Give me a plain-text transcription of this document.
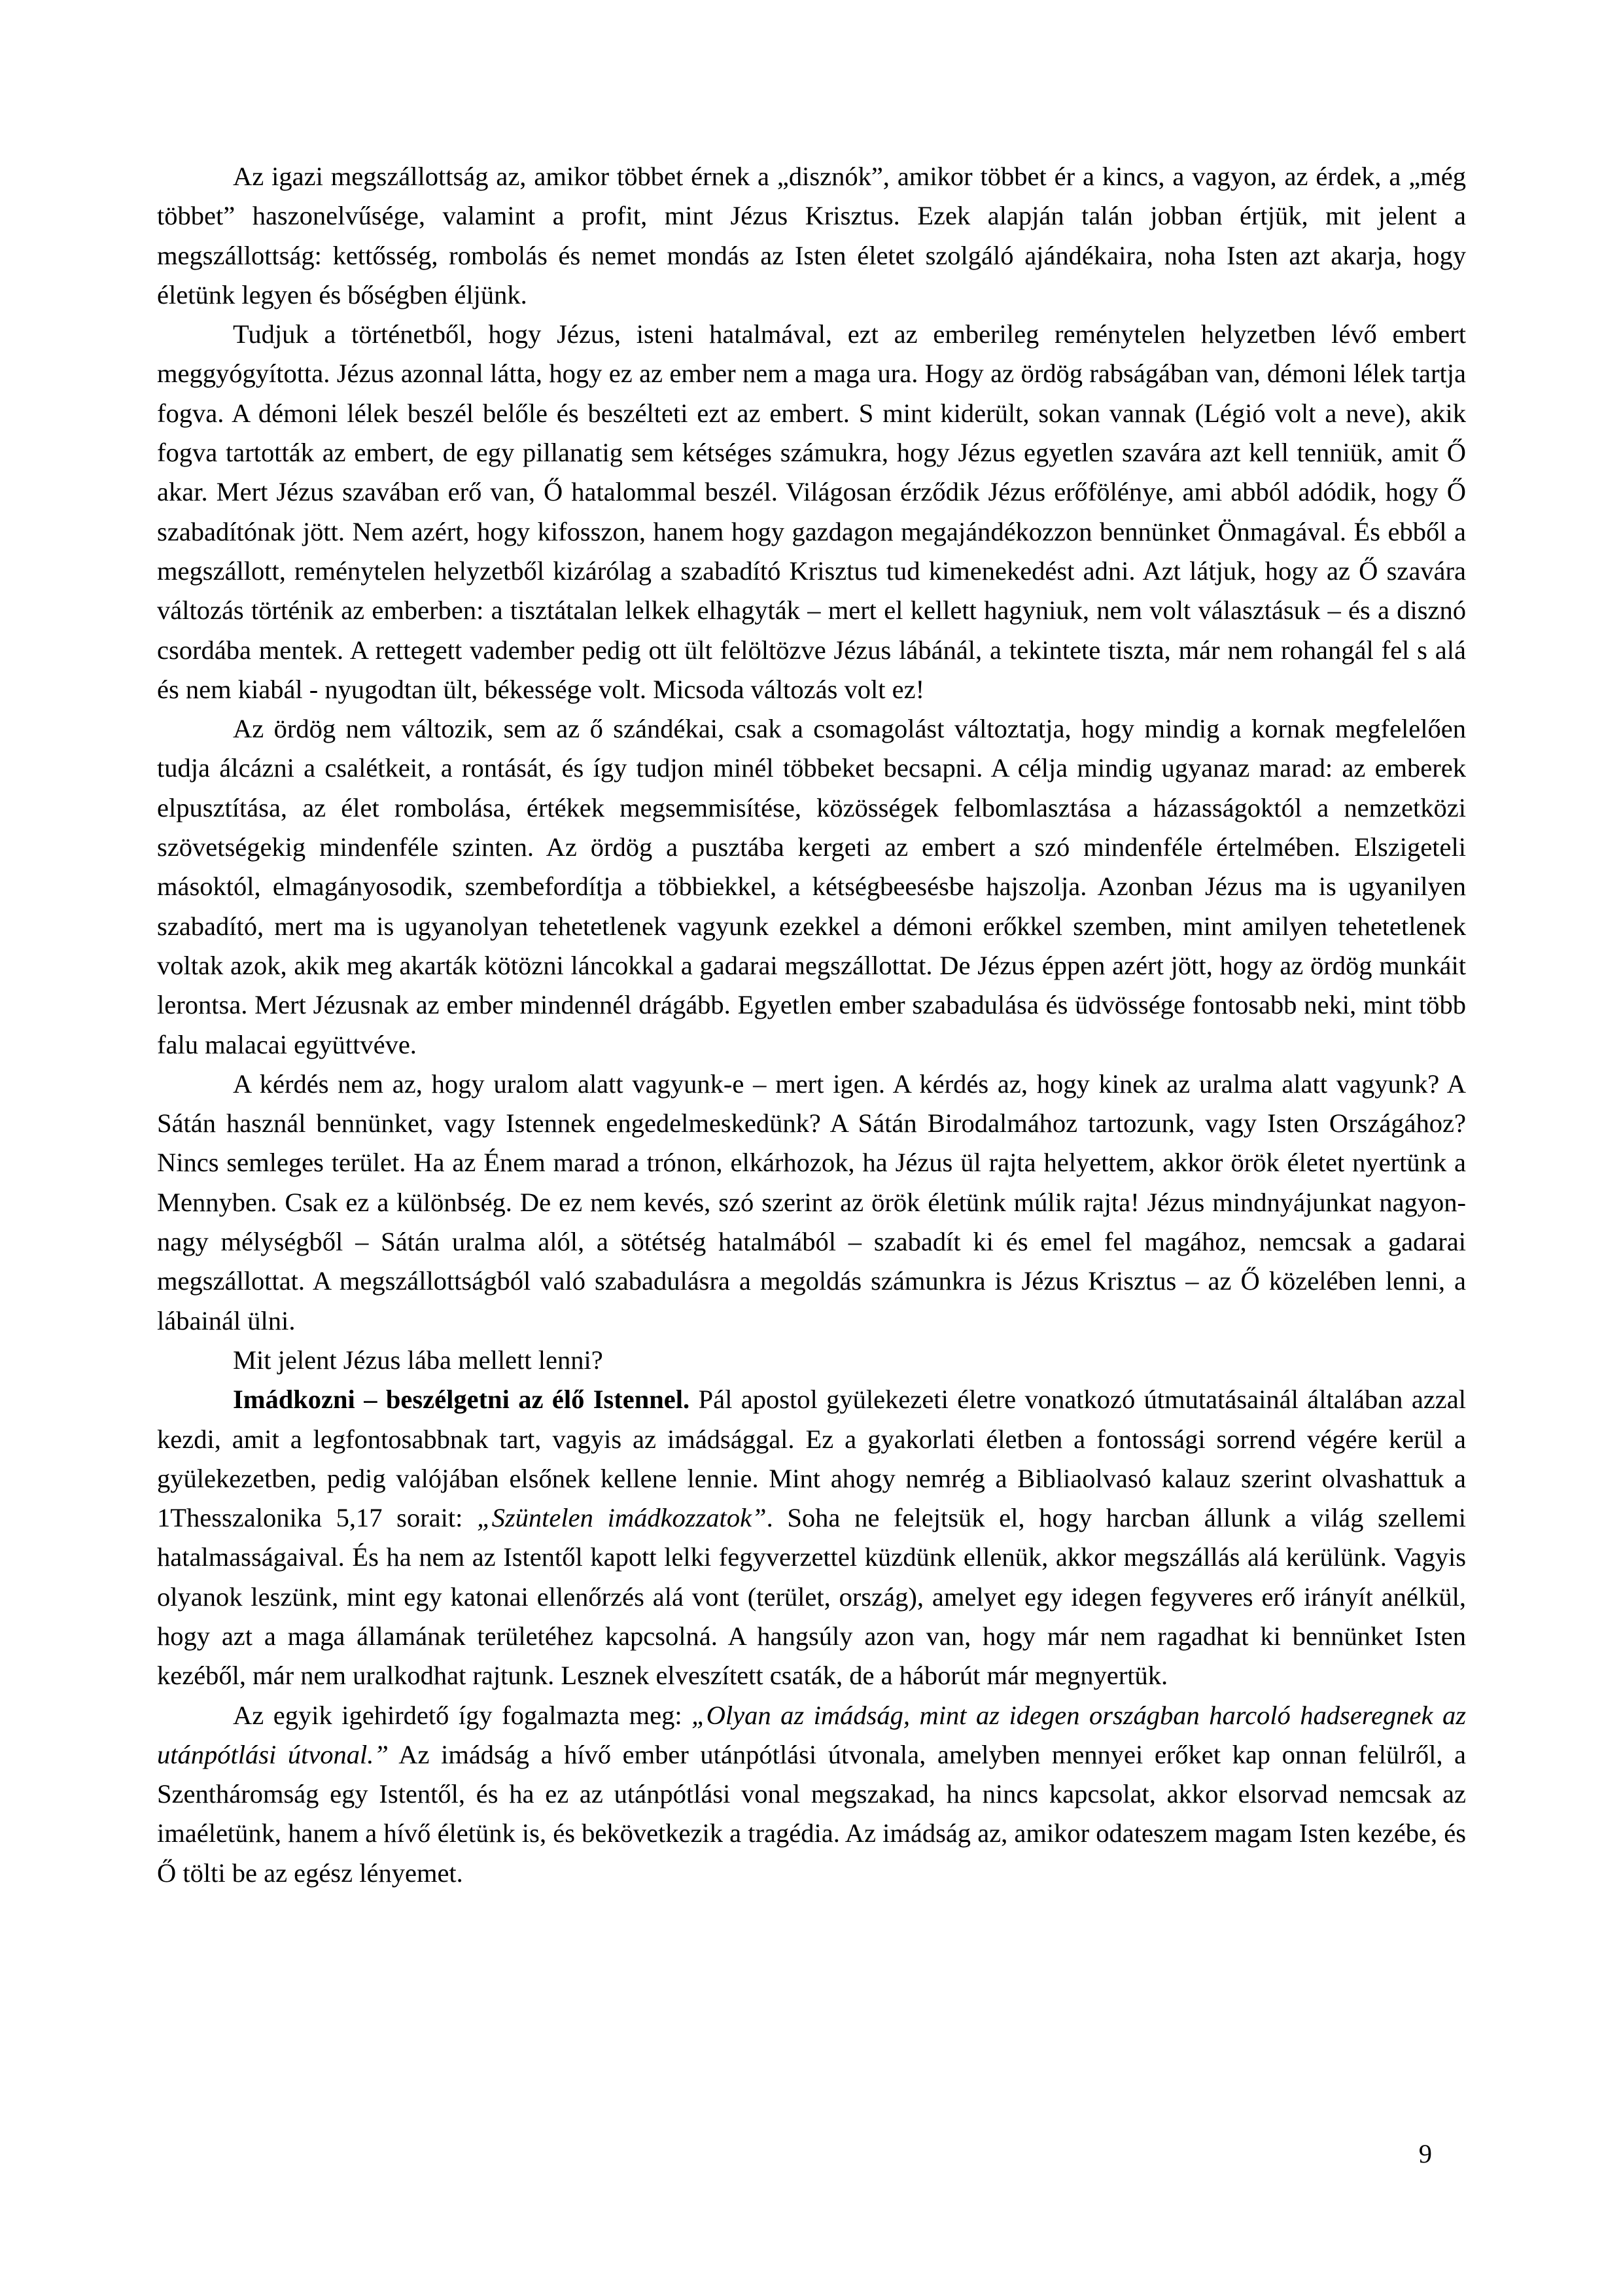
Az igazi megszállottság az, amikor többet érnek a „disznók”, amikor többet ér a kincs, a vagyon, az érdek, a „még többet” haszonelvűsége, valamint a profit, mint Jézus Krisztus. Ezek alapján talán jobban értjük, mit jelent a megszállottság: kettősség, rombolás és nemet mondás az Isten életet szolgáló ajándékaira, noha Isten azt akarja, hogy életünk legyen és bőségben éljünk.

Tudjuk a történetből, hogy Jézus, isteni hatalmával, ezt az emberileg reménytelen helyzetben lévő embert meggyógyította. Jézus azonnal látta, hogy ez az ember nem a maga ura. Hogy az ördög rabságában van, démoni lélek tartja fogva. A démoni lélek beszél belőle és beszélteti ezt az embert. S mint kiderült, sokan vannak (Légió volt a neve), akik fogva tartották az embert, de egy pillanatig sem kétséges számukra, hogy Jézus egyetlen szavára azt kell tenniük, amit Ő akar. Mert Jézus szavában erő van, Ő hatalommal beszél. Világosan érződik Jézus erőfölénye, ami abból adódik, hogy Ő szabadítónak jött. Nem azért, hogy kifosszon, hanem hogy gazdagon megajándékozzon bennünket Önmagával. És ebből a megszállott, reménytelen helyzetből kizárólag a szabadító Krisztus tud kimenekedést adni. Azt látjuk, hogy az Ő szavára változás történik az emberben: a tisztátalan lelkek elhagyták – mert el kellett hagyniuk, nem volt választásuk – és a disznó csordába mentek. A rettegett vadember pedig ott ült felöltözve Jézus lábánál, a tekintete tiszta, már nem rohangál fel s alá és nem kiabál - nyugodtan ült, békessége volt. Micsoda változás volt ez!

Az ördög nem változik, sem az ő szándékai, csak a csomagolást változtatja, hogy mindig a kornak megfelelően tudja álcázni a csalétkeit, a rontását, és így tudjon minél többeket becsapni. A célja mindig ugyanaz marad: az emberek elpusztítása, az élet rombolása, értékek megsemmisítése, közösségek felbomlasztása a házasságoktól a nemzetközi szövetségekig mindenféle szinten. Az ördög a pusztába kergeti az embert a szó mindenféle értelmében. Elszigeteli másoktól, elmagányosodik, szembefordítja a többiekkel, a kétségbeesésbe hajszolja. Azonban Jézus ma is ugyanilyen szabadító, mert ma is ugyanolyan tehetetlenek vagyunk ezekkel a démoni erőkkel szemben, mint amilyen tehetetlenek voltak azok, akik meg akarták kötözni láncokkal a gadarai megszállottat. De Jézus éppen azért jött, hogy az ördög munkáit lerontsa. Mert Jézusnak az ember mindennél drágább. Egyetlen ember szabadulása és üdvössége fontosabb neki, mint több falu malacai együttvéve.

A kérdés nem az, hogy uralom alatt vagyunk-e – mert igen. A kérdés az, hogy kinek az uralma alatt vagyunk? A Sátán használ bennünket, vagy Istennek engedelmeskedünk? A Sátán Birodalmához tartozunk, vagy Isten Országához? Nincs semleges terület. Ha az Énem marad a trónon, elkárhozok, ha Jézus ül rajta helyettem, akkor örök életet nyertünk a Mennyben. Csak ez a különbség. De ez nem kevés, szó szerint az örök életünk múlik rajta! Jézus mindnyájunkat nagyon-nagy mélységből – Sátán uralma alól, a sötétség hatalmából – szabadít ki és emel fel magához, nemcsak a gadarai megszállottat. A megszállottságból való szabadulásra a megoldás számunkra is Jézus Krisztus – az Ő közelében lenni, a lábainál ülni.

Mit jelent Jézus lába mellett lenni?

Imádkozni – beszélgetni az élő Istennel. Pál apostol gyülekezeti életre vonatkozó útmutatásainál általában azzal kezdi, amit a legfontosabbnak tart, vagyis az imádsággal. Ez a gyakorlati életben a fontossági sorrend végére kerül a gyülekezetben, pedig valójában elsőnek kellene lennie. Mint ahogy nemrég a Bibliaolvasó kalauz szerint olvashattuk a 1Thesszalonika 5,17 sorait: „Szüntelen imádkozzatok”. Soha ne felejtsük el, hogy harcban állunk a világ szellemi hatalmasságaival. És ha nem az Istentől kapott lelki fegyverzettel küzdünk ellenük, akkor megszállás alá kerülünk. Vagyis olyanok leszünk, mint egy katonai ellenőrzés alá vont (terület, ország), amelyet egy idegen fegyveres erő irányít anélkül, hogy azt a maga államának területéhez kapcsolná. A hangsúly azon van, hogy már nem ragadhat ki bennünket Isten kezéből, már nem uralkodhat rajtunk. Lesznek elveszített csaták, de a háborút már megnyertük.

Az egyik igehirdető így fogalmazta meg: „Olyan az imádság, mint az idegen országban harcoló hadseregnek az utánpótlási útvonal.” Az imádság a hívő ember utánpótlási útvonala, amelyben mennyei erőket kap onnan felülről, a Szentháromság egy Istentől, és ha ez az utánpótlási vonal megszakad, ha nincs kapcsolat, akkor elsorvad nemcsak az imaéletünk, hanem a hívő életünk is, és bekövetkezik a tragédia. Az imádság az, amikor odateszem magam Isten kezébe, és Ő tölti be az egész lényemet.

9
